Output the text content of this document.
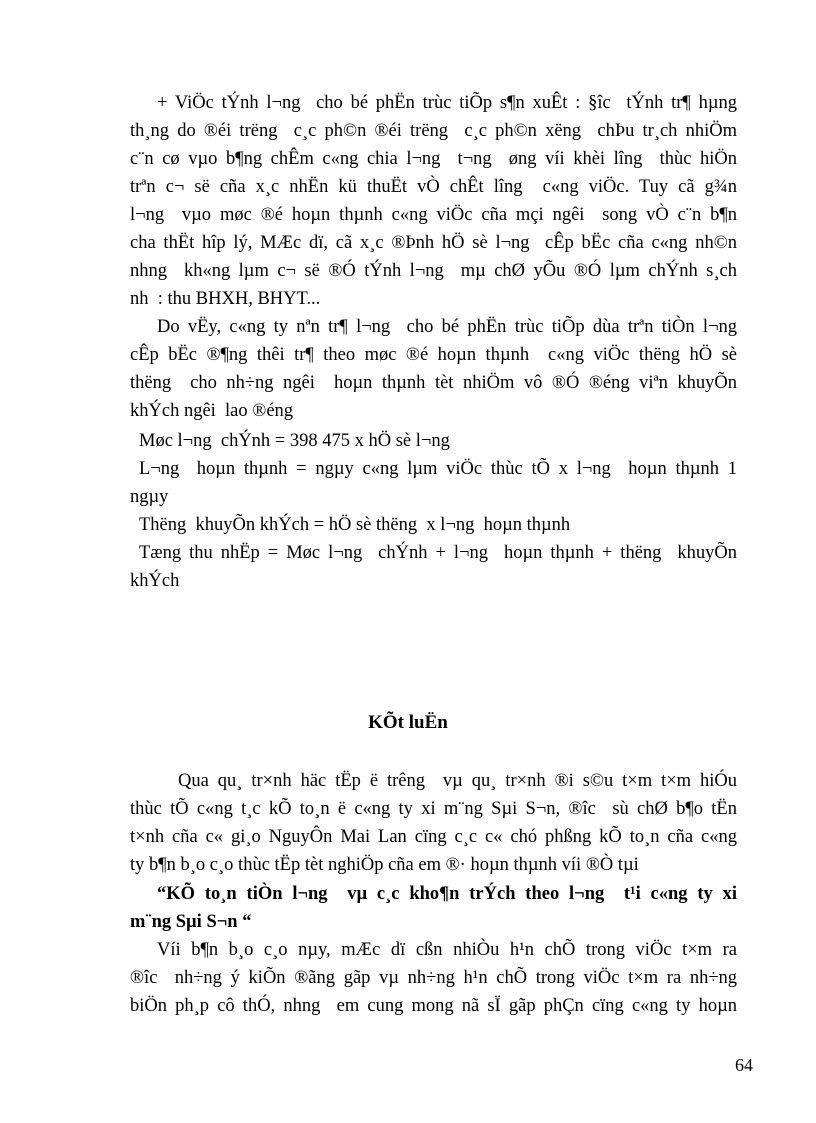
+ ViÖc tÝnh l¬ng  cho bé phËn trùc tiÕp s¶n xuÊt : §îc  tÝnh tr¶ hµng
th¸ng do ®éi trëng  c¸c ph©n ®éi trëng  c¸c ph©n xëng  chÞu tr¸ch nhiÖm
c¨n cø vµo b¶ng chÊm c«ng chia l¬ng  t¬ng  øng víi khèi lîng  thùc hiÖn
trªn c¬ së cña x¸c nhËn kü thuËt vÒ chÊt lîng  c«ng viÖc. Tuy cã g¾n
l¬ng  vµo møc ®é hoµn thµnh c«ng viÖc cña mçi ngêi  song vÒ c¨n b¶n
cha thËt hîp lý, MÆc dï, cã x¸c ®Þnh hÖ sè l¬ng  cÊp bËc cña c«ng nh©n
nhng  kh«ng lµm c¬ së ®Ó tÝnh l¬ng  mµ chØ yÕu ®Ó lµm chÝnh s¸ch
nh  : thu BHXH, BHYT...
Do vËy, c«ng ty nªn tr¶ l¬ng  cho bé phËn trùc tiÕp dùa trªn tiÒn l¬ng
cÊp bËc ®¶ng thêi tr¶ theo møc ®é hoµn thµnh  c«ng viÖc thëng hÖ sè
thëng  cho nh÷ng ngêi  hoµn thµnh tèt nhiÖm vô ®Ó ®éng viªn khuyÕn
khÝch ngêi  lao ®éng
Møc l¬ng  chÝnh = 398 475 x hÖ sè l¬ng
L¬ng  hoµn thµnh = ngµy c«ng lµm viÖc thùc tÕ x l¬ng  hoµn thµnh 1
ngµy
Thëng  khuyÕn khÝch = hÖ sè thëng  x l¬ng  hoµn thµnh
Tæng thu nhËp = Møc l¬ng  chÝnh + l¬ng  hoµn thµnh + thëng  khuyÕn
khÝch
KÕt luËn
Qua qu¸ tr×nh häc tËp ë trêng  vµ qu¸ tr×nh ®i s©u t×m t×m hiÓu
thùc tÕ c«ng t¸c kÕ to¸n ë c«ng ty xi m¨ng Sµi S¬n, ®îc  sù chØ b¶o tËn
t×nh cña c« gi¸o NguyÔn Mai Lan cïng c¸c c« chó phßng kÕ to¸n cña c«ng
ty b¶n b¸o c¸o thùc tËp tèt nghiÖp cña em ®· hoµn thµnh víi ®Ò tµi
“KÕ to¸n tiÒn l¬ng  vµ c¸c kho¶n trÝch theo l¬ng  t¹i c«ng ty xi
m¨ng Sµi S¬n “
Víi b¶n b¸o c¸o nµy, mÆc dï cßn nhiÒu h¹n chÕ trong viÖc t×m ra
®îc  nh÷ng ý kiÕn ®ãng gãp vµ nh÷ng h¹n chÕ trong viÖc t×m ra nh÷ng
biÖn ph¸p cô thÓ, nhng  em cung mong nã sÏ gãp phÇn cïng c«ng ty hoµn
64
